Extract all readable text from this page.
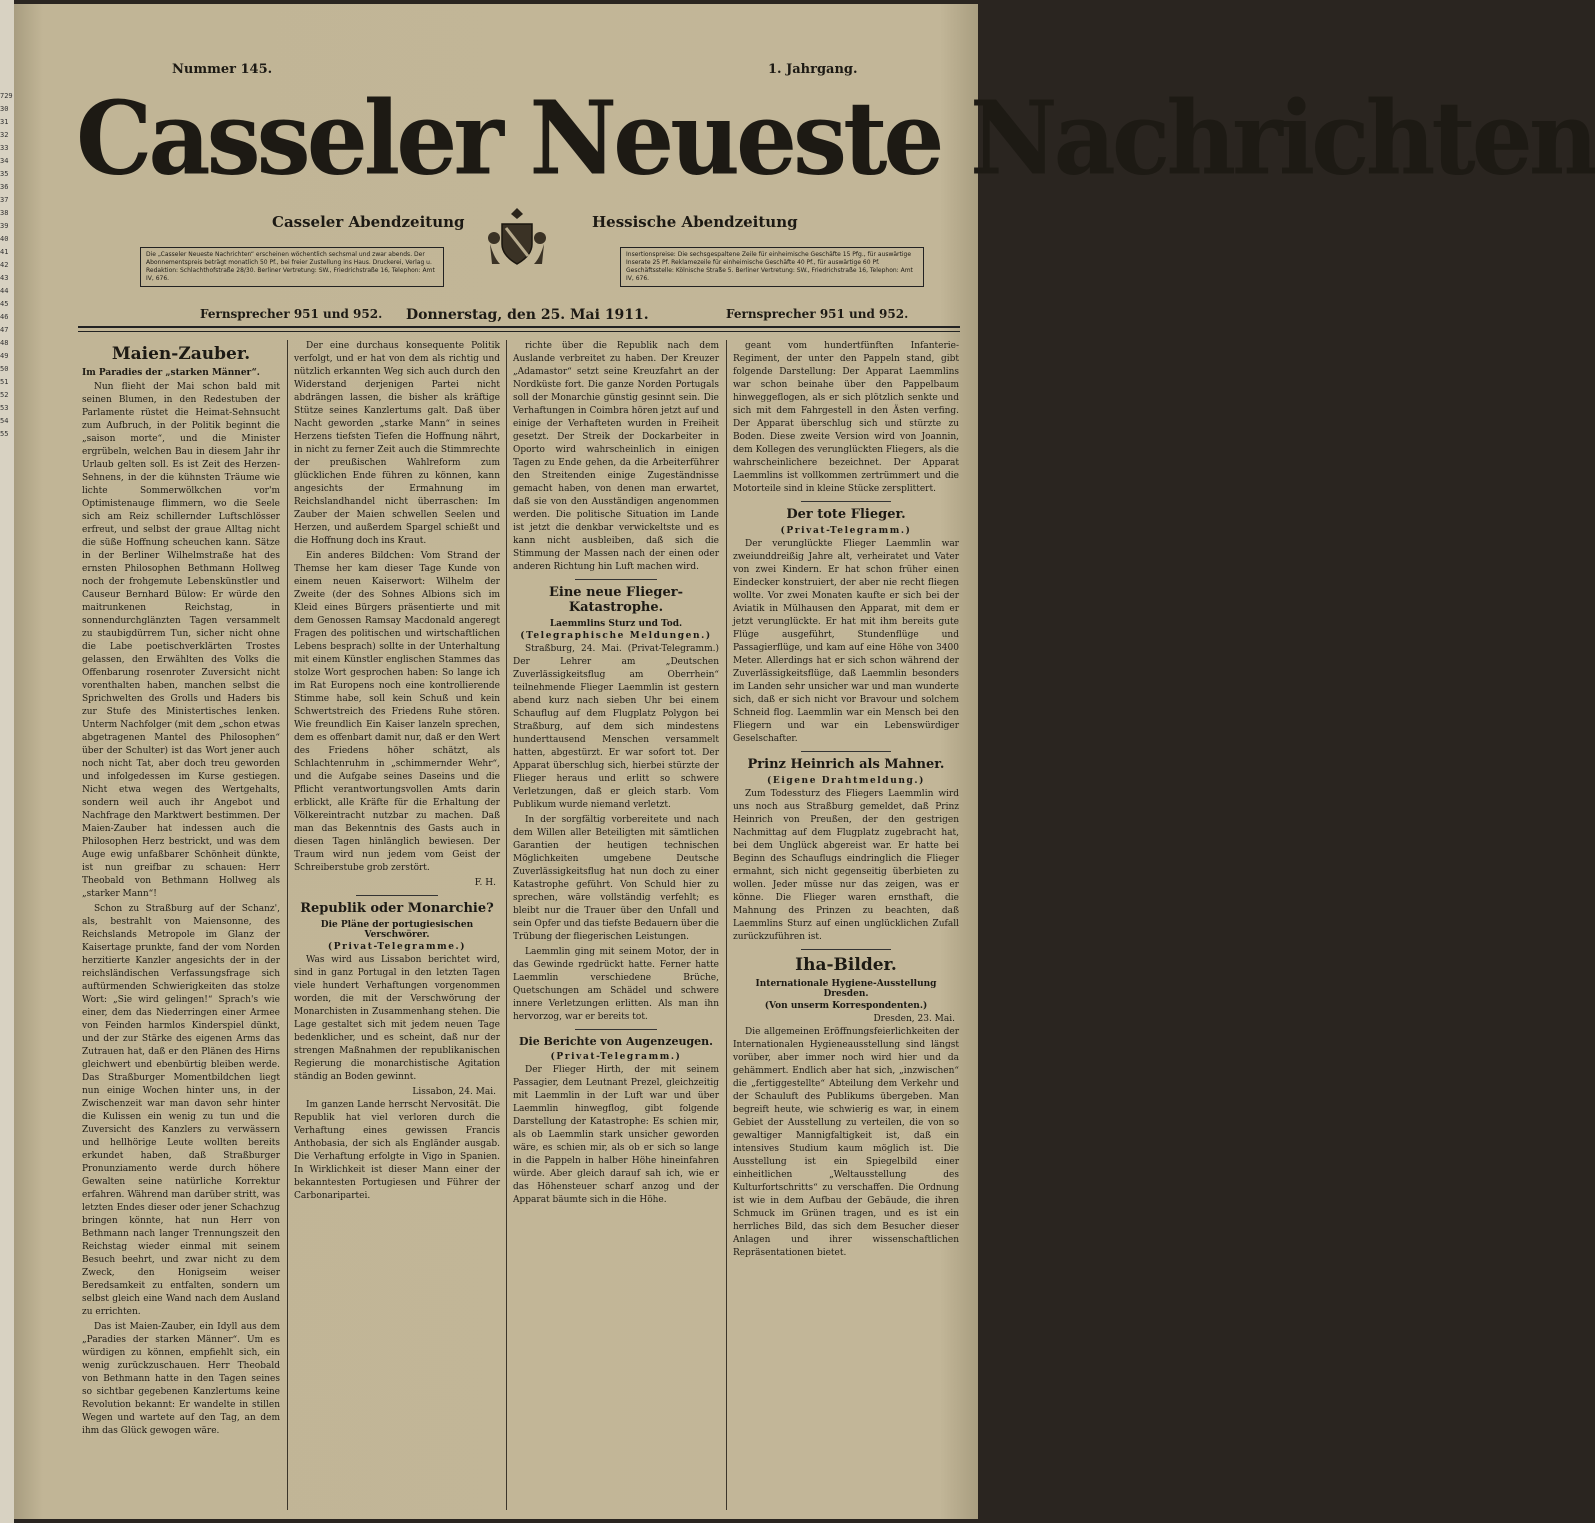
729 30 31 32 33 34 35 36 37 38 39 40 41 42 43 44 45 46 47 48 49 50 51 52 53 54 55
Nummer 145.	1. Jahrgang.
Casseler Neueste Nachrichten
Casseler Abendzeitung	Hessische Abendzeitung
Die „Casseler Neueste Nachrichten“ erscheinen wöchentlich sechsmal und zwar abends. Der Abonnementspreis beträgt monatlich 50 Pf., bei freier Zustellung ins Haus. Druckerei, Verlag u. Redaktion: Schlachthofstraße 28/30. Berliner Vertretung: SW., Friedrichstraße 16, Telephon: Amt IV, 676.
Insertionspreise: Die sechsgespaltene Zeile für einheimische Geschäfte 15 Pfg., für auswärtige Inserate 25 Pf. Reklamezeile für einheimische Geschäfte 40 Pf., für auswärtige 60 Pf. Geschäftsstelle: Kölnische Straße 5. Berliner Vertretung: SW., Friedrichstraße 16, Telephon: Amt IV, 676.
Fernsprecher 951 und 952. Donnerstag, den 25. Mai 1911.	Fernsprecher 951 und 952.
Maien-Zauber.
Im Paradies der „starken Männer“.

Nun flieht der Mai schon bald mit seinen Blumen, in den Redestuben der Parlamente rüstet die Heimat-Sehnsucht zum Aufbruch, in der Politik beginnt die „saison morte“, und die Minister ergrübeln, welchen Bau in diesem Jahr ihr Urlaub gelten soll. Es ist Zeit des Herzen-Sehnens, in der die kühnsten Träume wie lichte Sommerwölkchen vor'm Optimistenauge flimmern, wo die Seele sich am Reiz schillernder Luftschlösser erfreut, und selbst der graue Alltag nicht die süße Hoffnung scheuchen kann. Sätze in der Berliner Wilhelmstraße hat des ernsten Philosophen Bethmann Hollweg noch der frohgemute Lebenskünstler und Causeur Bernhard Bülow: Er würde den maitrunkenen Reichstag, in sonnendurchglänzten Tagen versammelt zu staubigdürrem Tun, sicher nicht ohne die Labe poetischverklärten Trostes gelassen, den Erwählten des Volks die Offenbarung rosenroter Zuversicht nicht vorenthalten haben, manchen selbst die Sprichwelten des Grolls und Haders bis zur Stufe des Ministertisches lenken. Unterm Nachfolger (mit dem „schon etwas abgetragenen Mantel des Philosophen“ über der Schulter) ist das Wort jener auch noch nicht Tat, aber doch treu geworden und infolgedessen im Kurse gestiegen. Nicht etwa wegen des Wertgehalts, sondern weil auch ihr Angebot und Nachfrage den Marktwert bestimmen. Der Maien-Zauber hat indessen auch die Philosophen Herz bestrickt, und was dem Auge ewig unfaßbarer Schönheit dünkte, ist nun greifbar zu schauen: Herr Theobald von Bethmann Hollweg als „starker Mann“!

Schon zu Straßburg auf der Schanz', als, bestrahlt von Maiensonne, des Reichslands Metropole im Glanz der Kaisertage prunkte, fand der vom Norden herzitierte Kanzler angesichts der in der reichsländischen Verfassungsfrage sich auftürmenden Schwierigkeiten das stolze Wort: „Sie wird gelingen!“ Sprach's wie einer, dem das Niederringen einer Armee von Feinden harmlos Kinderspiel dünkt, und der zur Stärke des eigenen Arms das Zutrauen hat, daß er den Plänen des Hirns gleichwert und ebenbürtig bleiben werde. Das Straßburger Momentbildchen liegt nun einige Wochen hinter uns, in der Zwischenzeit war man davon sehr hinter die Kulissen ein wenig zu tun und die Zuversicht des Kanzlers zu verwässern und hellhörige Leute wollten bereits erkundet haben, daß Straßburger Pronunziamento werde durch höhere Gewalten seine natürliche Korrektur erfahren. Während man darüber stritt, was letzten Endes dieser oder jener Schachzug bringen könnte, hat nun Herr von Bethmann nach langer Trennungszeit den Reichstag wieder einmal mit seinem Besuch beehrt, und zwar nicht zu dem Zweck, den Honigseim weiser Beredsamkeit zu entfalten, sondern um selbst gleich eine Wand nach dem Ausland zu errichten.

Das ist Maien-Zauber, ein Idyll aus dem „Paradies der starken Männer“. Um es würdigen zu können, empfiehlt sich, ein wenig zurückzuschauen. Herr Theobald von Bethmann hatte in den Tagen seines so sichtbar gegebenen Kanzlertums keine Revolution bekannt: Er wandelte in stillen Wegen und wartete auf den Tag, an dem ihm das Glück gewogen wäre.

Der eine durchaus konsequente Politik verfolgt, und er hat von dem als richtig und nützlich erkannten Weg sich auch durch den Widerstand derjenigen Partei nicht abdrängen lassen, die bisher als kräftige Stütze seines Kanzlertums galt. Daß über Nacht geworden „starke Mann“ in seines Herzens tiefsten Tiefen die Hoffnung nährt, in nicht zu ferner Zeit auch die Stimmrechte der preußischen Wahlreform zum glücklichen Ende führen zu können, kann angesichts der Ermahnung im Reichslandhandel nicht überraschen: Im Zauber der Maien schwellen Seelen und Herzen, und außerdem Spargel schießt und die Hoffnung doch ins Kraut.

Ein anderes Bildchen: Vom Strand der Themse her kam dieser Tage Kunde von einem neuen Kaiserwort: Wilhelm der Zweite (der des Sohnes Albions sich im Kleid eines Bürgers präsentierte und mit dem Genossen Ramsay Macdonald angeregt Fragen des politischen und wirtschaftlichen Lebens besprach) sollte in der Unterhaltung mit einem Künstler englischen Stammes das stolze Wort gesprochen haben: So lange ich im Rat Europens noch eine kontrollierende Stimme habe, soll kein Schuß und kein Schwertstreich des Friedens Ruhe stören. Wie freundlich Ein Kaiser lanzeln sprechen, dem es offenbart damit nur, daß er den Wert des Friedens höher schätzt, als Schlachtenruhm in „schimmernder Wehr“, und die Aufgabe seines Daseins und die Pflicht verantwortungsvollen Amts darin erblickt, alle Kräfte für die Erhaltung der Völkereintracht nutzbar zu machen. Daß man das Bekenntnis des Gasts auch in diesen Tagen hinlänglich bewiesen. Der Traum wird nun jedem vom Geist der Schreiberstube grob zerstört.

F. H.
Republik oder Monarchie?
Die Pläne der portugiesischen Verschwörer.
(Privat-Telegramme.)

Was wird aus Lissabon berichtet wird, sind in ganz Portugal in den letzten Tagen viele hundert Verhaftungen vorgenommen worden, die mit der Verschwörung der Monarchisten in Zusammenhang stehen. Die Lage gestaltet sich mit jedem neuen Tage bedenklicher, und es scheint, daß nur der strengen Maßnahmen der republikanischen Regierung die monarchistische Agitation ständig an Boden gewinnt.

Lissabon, 24. Mai.

Im ganzen Lande herrscht Nervosität. Die Republik hat viel verloren durch die Verhaftung eines gewissen Francis Anthobasia, der sich als Engländer ausgab. Die Verhaftung erfolgte in Vigo in Spanien. In Wirklichkeit ist dieser Mann einer der bekanntesten Portugiesen und Führer der Carbonaripartei.

richte über die Republik nach dem Auslande verbreitet zu haben. Der Kreuzer „Adamastor“ setzt seine Kreuzfahrt an der Nordküste fort. Die ganze Norden Portugals soll der Monarchie günstig gesinnt sein. Die Verhaftungen in Coimbra hören jetzt auf und einige der Verhafteten wurden in Freiheit gesetzt. Der Streik der Dockarbeiter in Oporto wird wahrscheinlich in einigen Tagen zu Ende gehen, da die Arbeiterführer den Streitenden einige Zugeständnisse gemacht haben, von denen man erwartet, daß sie von den Ausständigen angenommen werden. Die politische Situation im Lande ist jetzt die denkbar verwickeltste und es kann nicht ausbleiben, daß sich die Stimmung der Massen nach der einen oder anderen Richtung hin Luft machen wird.

Eine neue Flieger-Katastrophe.
Laemmlins Sturz und Tod.
(Telegraphische Meldungen.)

Straßburg, 24. Mai. (Privat-Telegramm.) Der Lehrer am „Deutschen Zuverlässigkeitsflug am Oberrhein“ teilnehmende Flieger Laemmlin ist gestern abend kurz nach sieben Uhr bei einem Schauflug auf dem Flugplatz Polygon bei Straßburg, auf dem sich mindestens hunderttausend Menschen versammelt hatten, abgestürzt. Er war sofort tot. Der Apparat überschlug sich, hierbei stürzte der Flieger heraus und erlitt so schwere Verletzungen, daß er gleich starb. Vom Publikum wurde niemand verletzt.

In der sorgfältig vorbereitete und nach dem Willen aller Beteiligten mit sämtlichen Garantien der heutigen technischen Möglichkeiten umgebene Deutsche Zuverlässigkeitsflug hat nun doch zu einer Katastrophe geführt. Von Schuld hier zu sprechen, wäre vollständig verfehlt; es bleibt nur die Trauer über den Unfall und sein Opfer und das tiefste Bedauern über die Trübung der fliegerischen Leistungen.

Laemmlin ging mit seinem Motor, der in das Gewinde rgedrückt hatte. Ferner hatte Laemmlin verschiedene Brüche, Quetschungen am Schädel und schwere innere Verletzungen erlitten. Als man ihn hervorzog, war er bereits tot.

Die Berichte von Augenzeugen.
(Privat-Telegramm.)

Der Flieger Hirth, der mit seinem Passagier, dem Leutnant Prezel, gleichzeitig mit Laemmlin in der Luft war und über Laemmlin hinwegflog, gibt folgende Darstellung der Katastrophe: Es schien mir, als ob Laemmlin stark unsicher geworden wäre, es schien mir, als ob er sich so lange in die Pappeln in halber Höhe hineinfahren würde. Aber gleich darauf sah ich, wie er das Höhensteuer scharf anzog und der Apparat bäumte sich in die Höhe.

geant vom hundertfünften Infanterie-Regiment, der unter den Pappeln stand, gibt folgende Darstellung: Der Apparat Laemmlins war schon beinahe über den Pappelbaum hinweggeflogen, als er sich plötzlich senkte und sich mit dem Fahrgestell in den Ästen verfing. Der Apparat überschlug sich und stürzte zu Boden. Diese zweite Version wird von Joannin, dem Kollegen des verunglückten Fliegers, als die wahrscheinlichere bezeichnet. Der Apparat Laemmlins ist vollkommen zertrümmert und die Motorteile sind in kleine Stücke zersplittert.

Der tote Flieger.
(Privat-Telegramm.)

Der verunglückte Flieger Laemmlin war zweiunddreißig Jahre alt, verheiratet und Vater von zwei Kindern. Er hat schon früher einen Eindecker konstruiert, der aber nie recht fliegen wollte. Vor zwei Monaten kaufte er sich bei der Aviatik in Mülhausen den Apparat, mit dem er jetzt verunglückte. Er hat mit ihm bereits gute Flüge ausgeführt, Stundenflüge und Passagierflüge, und kam auf eine Höhe von 3400 Meter. Allerdings hat er sich schon während der Zuverlässigkeitsflüge, daß Laemmlin besonders im Landen sehr unsicher war und man wunderte sich, daß er sich nicht vor Bravour und solchem Schneid flog. Laemmlin war ein Mensch bei den Fliegern und war ein Lebenswürdiger Geselschafter.

Prinz Heinrich als Mahner.
(Eigene Drahtmeldung.)

Zum Todessturz des Fliegers Laemmlin wird uns noch aus Straßburg gemeldet, daß Prinz Heinrich von Preußen, der den gestrigen Nachmittag auf dem Flugplatz zugebracht hat, bei dem Unglück abgereist war. Er hatte bei Beginn des Schauflugs eindringlich die Flieger ermahnt, sich nicht gegenseitig überbieten zu wollen. Jeder müsse nur das zeigen, was er könne. Die Flieger waren ernsthaft, die Mahnung des Prinzen zu beachten, daß Laemmlins Sturz auf einen unglücklichen Zufall zurückzuführen ist.

Iha-Bilder.
Internationale Hygiene-Ausstellung Dresden.
(Von unserm Korrespondenten.)
Dresden, 23. Mai.

Die allgemeinen Eröffnungsfeierlichkeiten der Internationalen Hygieneausstellung sind längst vorüber, aber immer noch wird hier und da gehämmert. Endlich aber hat sich, „inzwischen“ die „fertiggestellte“ Abteilung dem Verkehr und der Schauluft des Publikums übergeben. Man begreift heute, wie schwierig es war, in einem Gebiet der Ausstellung zu verteilen, die von so gewaltiger Mannigfaltigkeit ist, daß ein intensives Studium kaum möglich ist. Die Ausstellung ist ein Spiegelbild einer einheitlichen „Weltausstellung des Kulturfortschritts“ zu verschaffen. Die Ordnung ist wie in dem Aufbau der Gebäude, die ihren Schmuck im Grünen tragen, und es ist ein herrliches Bild, das sich dem Besucher dieser Anlagen und ihrer wissenschaftlichen Repräsentationen bietet.
